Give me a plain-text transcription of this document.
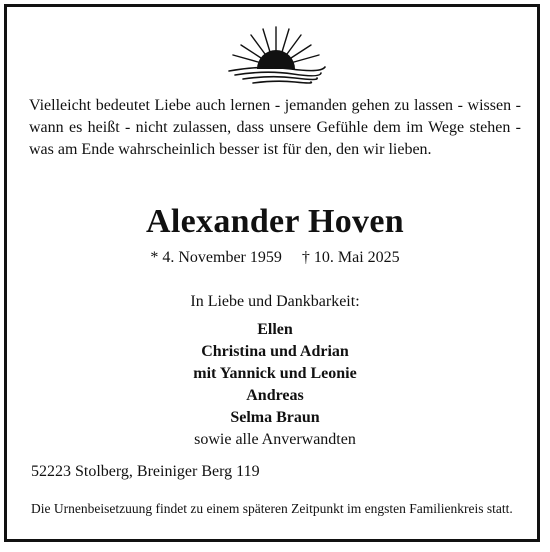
Vielleicht bedeutet Liebe auch lernen - jemanden gehen zu lassen - wissen - wann es heißt - nicht zulassen, dass unsere Gefühle dem im Wege stehen - was am Ende wahrscheinlich besser ist für den, den wir lieben.
Alexander Hoven
* 4. November 1959 † 10. Mai 2025
In Liebe und Dankbarkeit:
Ellen
Christina und Adrian
mit Yannick und Leonie
Andreas
Selma Braun
sowie alle Anverwandten
52223 Stolberg, Breiniger Berg 119
Die Urnenbeisetzuung findet zu einem späteren Zeitpunkt im engsten Familienkreis statt.
